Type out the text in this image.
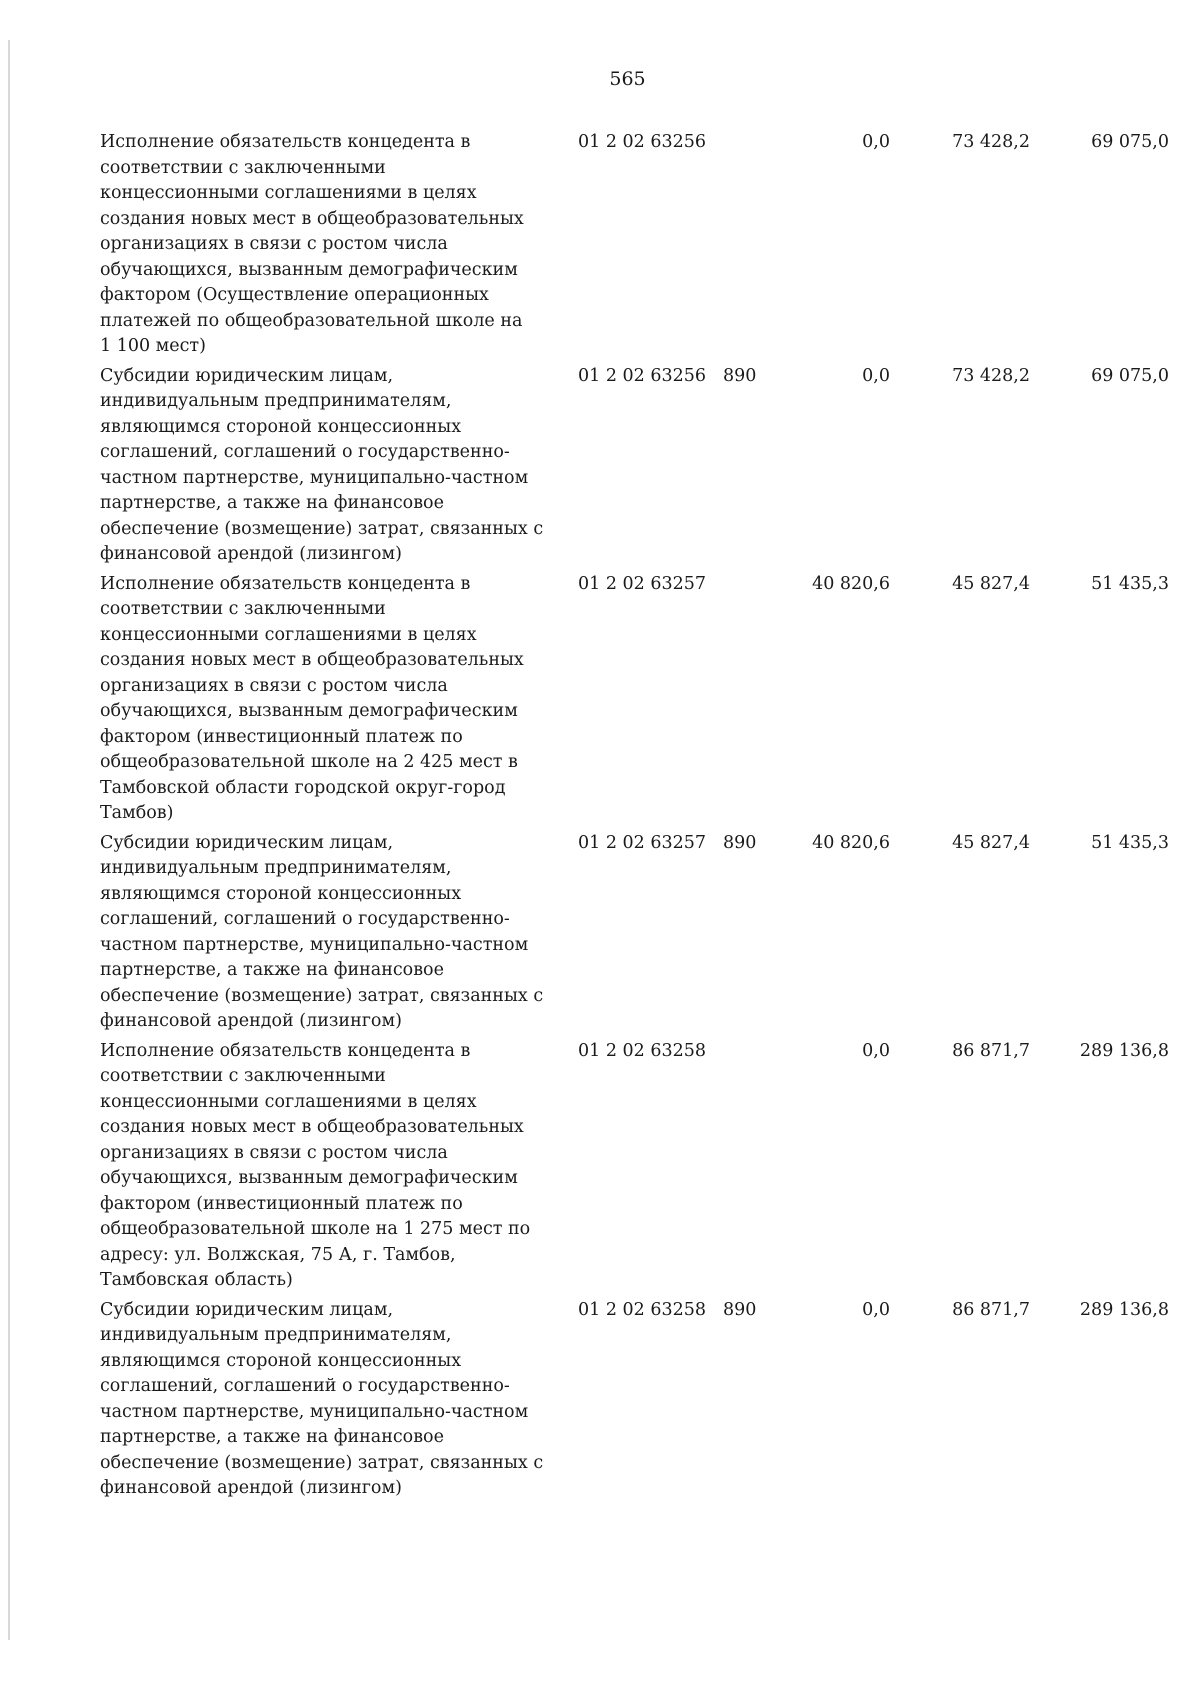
565
Исполнение обязательств концедента в
соответствии с заключенными
концессионными соглашениями в целях
создания новых мест в общеобразовательных
организациях в связи с ростом числа
обучающихся, вызванным демографическим
фактором (Осуществление операционных
платежей по общеобразовательной школе на
1 100 мест)
01 2 02 63256	0,0	73 428,2	69 075,0
Субсидии юридическим лицам,
индивидуальным предпринимателям,
являющимся стороной концессионных
соглашений, соглашений о государственно-
частном партнерстве, муниципально-частном
партнерстве, а также на финансовое
обеспечение (возмещение) затрат, связанных с
финансовой арендой (лизингом)
01 2 02 63256 890	0,0	73 428,2	69 075,0
Исполнение обязательств концедента в
соответствии с заключенными
концессионными соглашениями в целях
создания новых мест в общеобразовательных
организациях в связи с ростом числа
обучающихся, вызванным демографическим
фактором (инвестиционный платеж по
общеобразовательной школе на 2 425 мест в
Тамбовской области городской округ-город
Тамбов)
01 2 02 63257	40 820,6	45 827,4	51 435,3
Субсидии юридическим лицам,
индивидуальным предпринимателям,
являющимся стороной концессионных
соглашений, соглашений о государственно-
частном партнерстве, муниципально-частном
партнерстве, а также на финансовое
обеспечение (возмещение) затрат, связанных с
финансовой арендой (лизингом)
01 2 02 63257 890	40 820,6	45 827,4	51 435,3
Исполнение обязательств концедента в
соответствии с заключенными
концессионными соглашениями в целях
создания новых мест в общеобразовательных
организациях в связи с ростом числа
обучающихся, вызванным демографическим
фактором (инвестиционный платеж по
общеобразовательной школе на 1 275 мест по
адресу: ул. Волжская, 75 А, г. Тамбов,
Тамбовская область)
01 2 02 63258	0,0	86 871,7	289 136,8
Субсидии юридическим лицам,
индивидуальным предпринимателям,
являющимся стороной концессионных
соглашений, соглашений о государственно-
частном партнерстве, муниципально-частном
партнерстве, а также на финансовое
обеспечение (возмещение) затрат, связанных с
финансовой арендой (лизингом)
01 2 02 63258 890	0,0	86 871,7	289 136,8
